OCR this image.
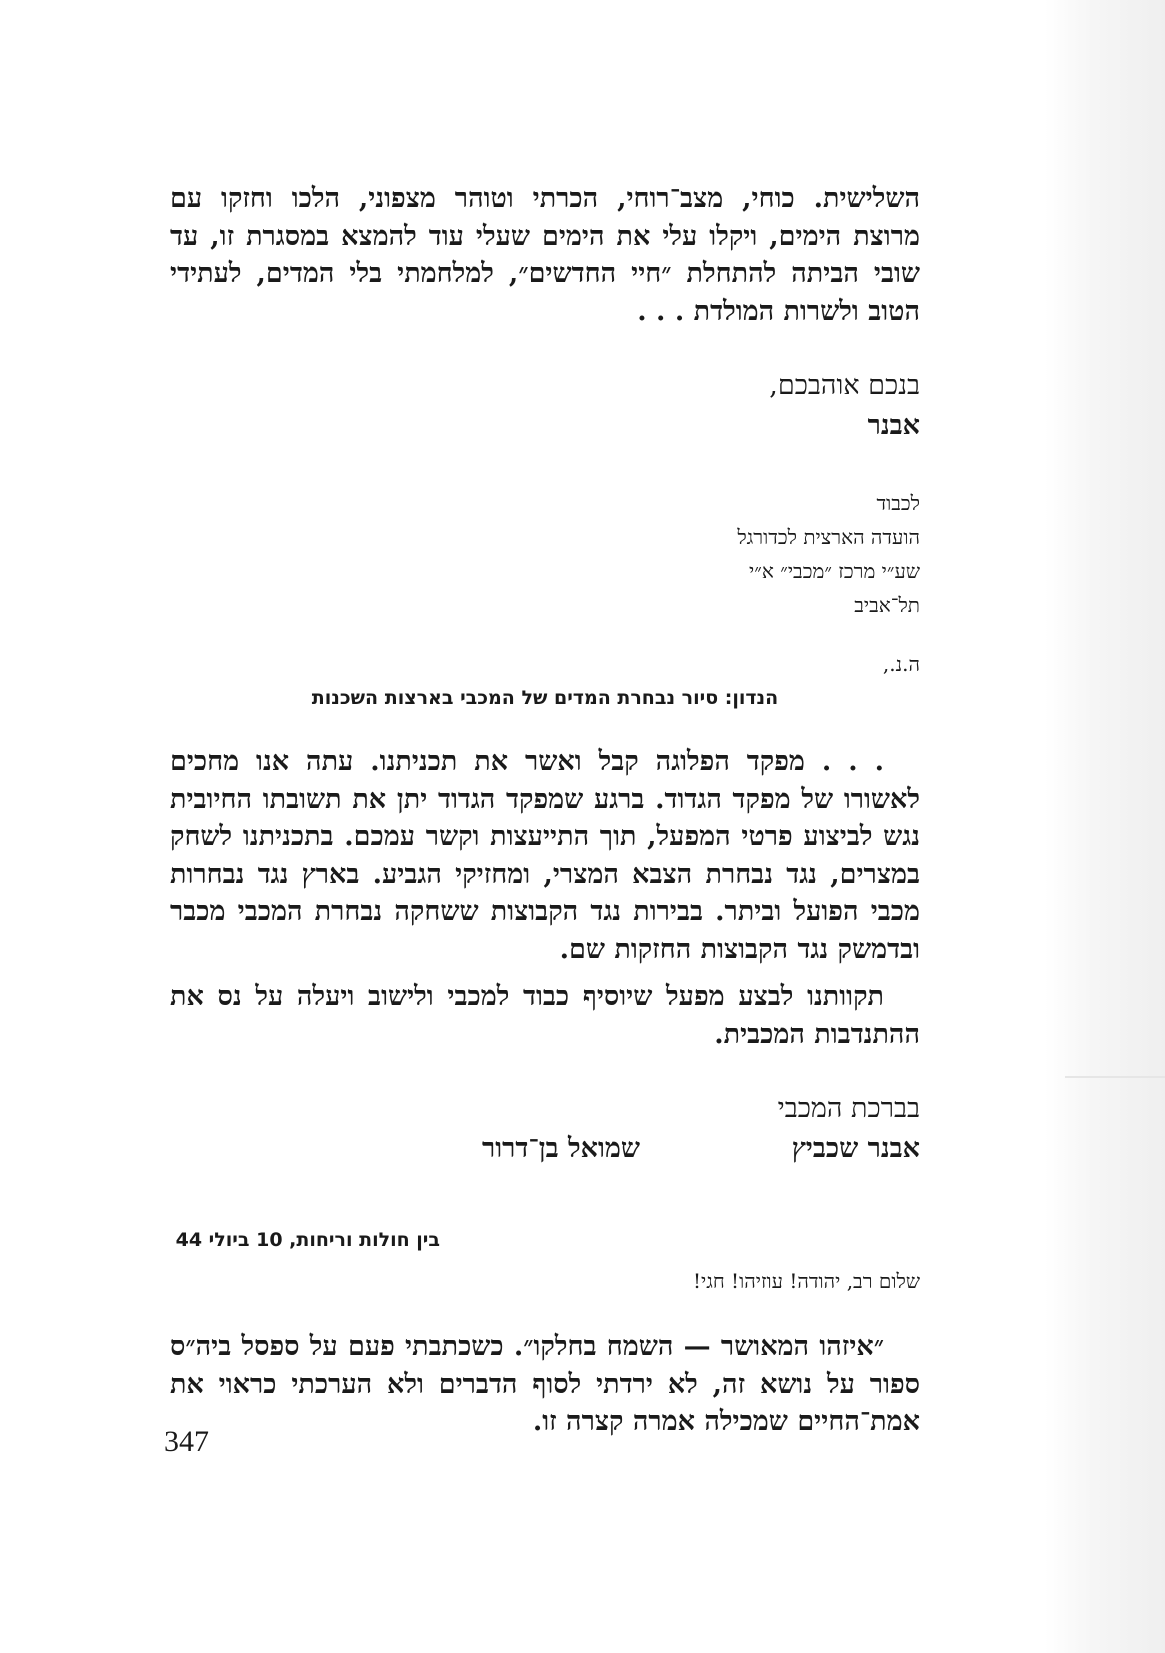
השלישית. כוחי, מצב־רוחי, הכרתי וטוהר מצפוני, הלכו וחזקו עם מרוצת הימים, ויקלו עלי את הימים שעלי עוד להמצא במסגרת זו, עד שובי הביתה להתחלת ״חיי החדשים״, למלחמתי בלי המדים, לעתידי הטוב ולשרות המולדת . . .

בנכם אוהבכם,
אבנר
לכבוד
הועדה הארצית לכדורגל
שע״י מרכז ״מכבי״ א״י
תל־אביב
ה.נ.,
הנדון: סיור נבחרת המדים של המכבי בארצות השכנות

. . . מפקד הפלוגה קבל ואשר את תכניתנו. עתה אנו מחכים לאשורו של מפקד הגדוד. ברגע שמפקד הגדוד יתן את תשובתו החיובית נגש לביצוע פרטי המפעל, תוך התייעצות וקשר עמכם. בתכניתנו לשחק במצרים, נגד נבחרת הצבא המצרי, ומחזיקי הגביע. בארץ נגד נבחרות מכבי הפועל וביתר. בבירות נגד הקבוצות ששחקה נבחרת המכבי מכבר ובדמשק נגד הקבוצות החזקות שם.

תקוותנו לבצע מפעל שיוסיף כבוד למכבי ולישוב ויעלה על נס את ההתנדבות המכבית.

בברכת המכבי
אבנר שכביץ
שמואל בן־דרור
בין חולות וריחות, 10 ביולי 44
שלום רב, יהודה! עוזיהו! חגי!

״איזהו המאושר — השמח בחלקו״. כשכתבתי פעם על ספסל ביה״ס ספור על נושא זה, לא ירדתי לסוף הדברים ולא הערכתי כראוי את אמת־החיים שמכילה אמרה קצרה זו.

347
